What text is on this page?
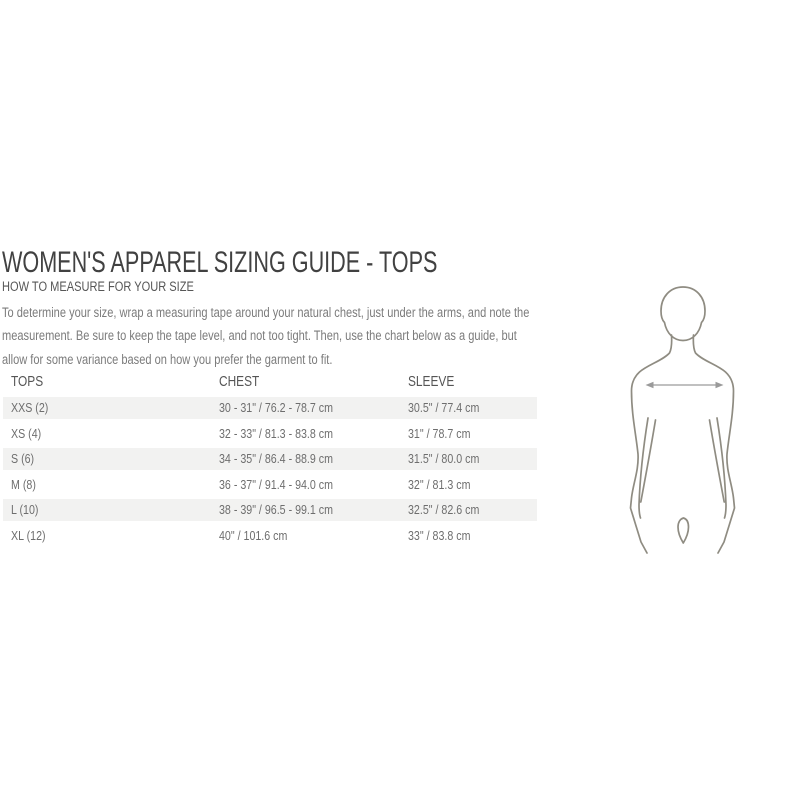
WOMEN'S APPAREL SIZING GUIDE - TOPS
HOW TO MEASURE FOR YOUR SIZE
To determine your size, wrap a measuring tape around your natural chest, just under the arms, and note the
measurement. Be sure to keep the tape level, and not too tight. Then, use the chart below as a guide, but
allow for some variance based on how you prefer the garment to fit.
TOPS	CHEST	SLEEVE
XXS (2)	30 - 31" / 76.2 - 78.7 cm	30.5" / 77.4 cm
XS (4)	32 - 33" / 81.3 - 83.8 cm	31" / 78.7 cm
S (6)	34 - 35" / 86.4 - 88.9 cm	31.5" / 80.0 cm
M (8)	36 - 37" / 91.4 - 94.0 cm	32" / 81.3 cm
L (10)	38 - 39" / 96.5 - 99.1 cm	32.5" / 82.6 cm
XL (12)	40" / 101.6 cm	33" / 83.8 cm
